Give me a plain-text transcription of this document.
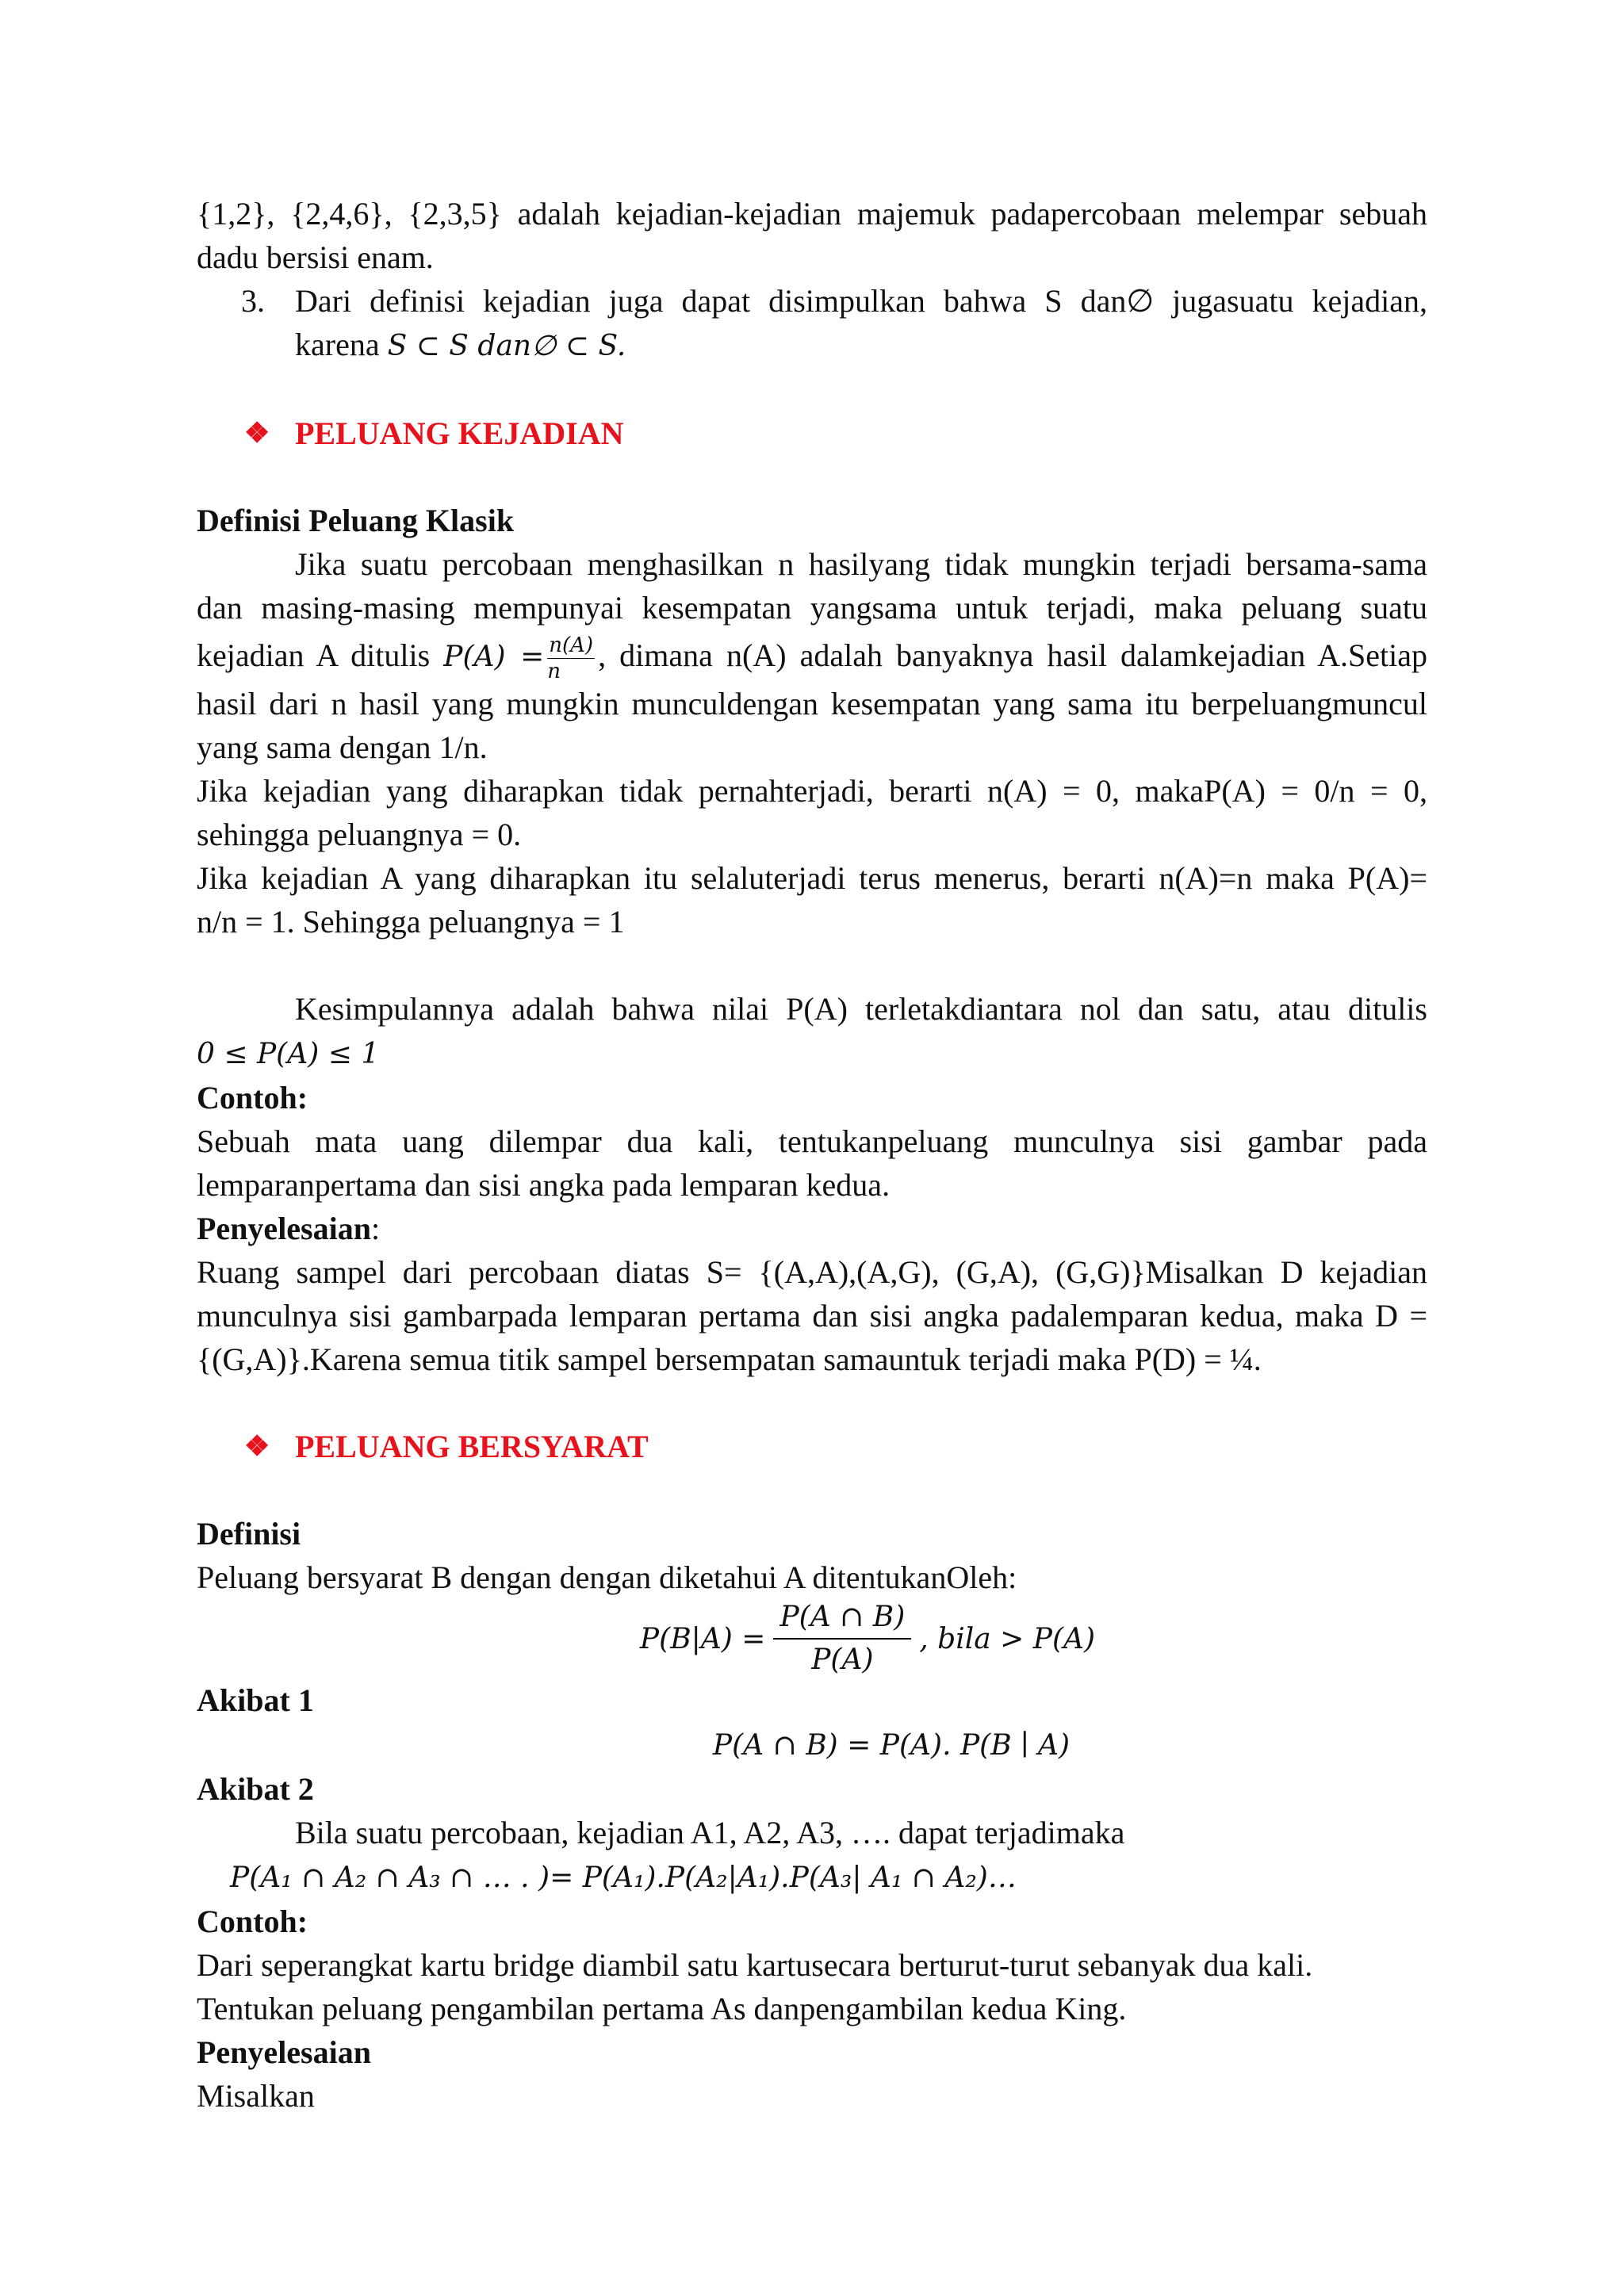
{1,2}, {2,4,6}, {2,3,5} adalah kejadian-kejadian majemuk padapercobaan melempar sebuah

dadu bersisi enam.

3. Dari definisi kejadian juga dapat disimpulkan bahwa S dan∅ jugasuatu kejadian,

karena S ⊂ S dan∅ ⊂ S.

❖ PELUANG KEJADIAN

Definisi Peluang Klasik

Jika suatu percobaan menghasilkan n hasilyang tidak mungkin terjadi bersama-sama

dan masing-masing mempunyai kesempatan yangsama untuk terjadi, maka peluang suatu

kejadian A ditulis $P(A) = \frac{n(A)}{n}$ , dimana n(A) adalah banyaknya hasil dalamkejadian A.Setiap

hasil dari n hasil yang mungkin munculdengan kesempatan yang sama itu berpeluangmuncul

yang sama dengan 1/n.

Jika kejadian yang diharapkan tidak pernahterjadi, berarti n(A) = 0, makaP(A) = 0/n = 0,

sehingga peluangnya = 0.

Jika kejadian A yang diharapkan itu selaluterjadi terus menerus, berarti n(A)=n maka P(A)=

n/n = 1. Sehingga peluangnya = 1

Kesimpulannya adalah bahwa nilai P(A) terletakdiantara nol dan satu, atau ditulis

0 ≤ P(A) ≤ 1

Contoh:

Sebuah mata uang dilempar dua kali, tentukanpeluang munculnya sisi gambar pada

lemparanpertama dan sisi angka pada lemparan kedua.

Penyelesaian:

Ruang sampel dari percobaan diatas S= {(A,A),(A,G), (G,A), (G,G)}Misalkan D kejadian

munculnya sisi gambarpada lemparan pertama dan sisi angka padalemparan kedua, maka D =

{(G,A)}.Karena semua titik sampel bersempatan samauntuk terjadi maka P(D) = ¼.

❖ PELUANG BERSYARAT

Definisi

Peluang bersyarat B dengan dengan diketahui A ditentukanOleh:

$P(B|A) = \frac{P(A \cap B)}{P(A)}$ , bila > P(A)

Akibat 1

P(A ∩ B) = P(A). P(B ∣ A)

Akibat 2

Bila suatu percobaan, kejadian A1, A2, A3, …. dapat terjadimaka

P(A₁ ∩ A₂ ∩ A₃ ∩ … . )= P(A₁).P(A₂|A₁).P(A₃| A₁ ∩ A₂)…

Contoh:

Dari seperangkat kartu bridge diambil satu kartusecara berturut-turut sebanyak dua kali.

Tentukan peluang pengambilan pertama As danpengambilan kedua King.

Penyelesaian

Misalkan
